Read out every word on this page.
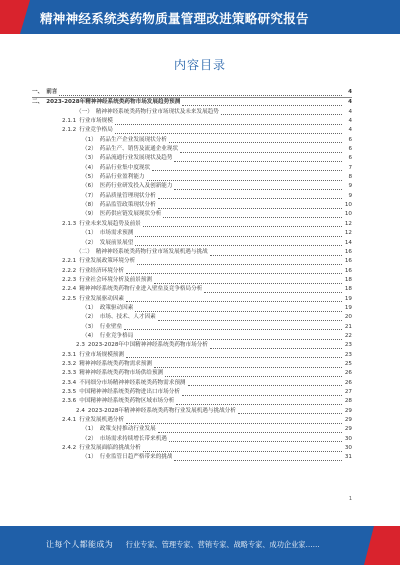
精神神经系统类药物质量管理改进策略研究报告
内容目录
一、 前言	4
二、 2023-2028年精神神经系统类药物市场发展趋势预测	4
（一） 精神神经系统类药物行业市场现状及未来发展趋势	4
2.1.1 行业市场规模	4
2.1.2 行业竞争格局	4
（1） 药品生产企业发展现状分析	6
（2） 药品生产、销售及流通企业现状	6
（3） 药品流通行业发展现状及趋势	6
（4） 药品行业集中度现状	7
（5） 药品行业盈利能力	8
（6） 医药行业研发投入及创新能力	9
（7） 药品质量管理现状分析	9
（8） 药品监管政策现状分析	10
（9） 医药供应链发展现状分析	10
2.1.3 行业未来发展趋势及前景	12
（1） 市场需求预测	12
（2） 发展前景展望	14
（二） 精神神经系统类药物行业市场发展机遇与挑战	16
2.2.1 行业发展政策环境分析	16
2.2.2 行业经济环境分析	16
2.2.3 行业社会环境分析及前景预测	18
2.2.4 精神神经系统类药物行业进入壁垒及竞争格局分析	18
2.2.5 行业发展驱动因素	19
（1） 政策驱动因素	19
（2） 市场、技术、人才因素	20
（3） 行业壁垒	21
（4） 行业竞争格局	22
2.3 2023-2028年中国精神神经系统类药物市场分析	23
2.3.1 行业市场规模预测	23
2.3.2 精神神经系统类药物需求预测	25
2.3.3 精神神经系统类药物市场供给预测	26
2.3.4 不同细分市场精神神经系统类药物需求预测	26
2.3.5 中国精神神经系统类药物进出口市场分析	27
2.3.6 中国精神神经系统类药物区域市场分析	28
2.4 2023-2028年精神神经系统类药物行业发展机遇与挑战分析	29
2.4.1 行业发展机遇分析	29
（1） 政策支持推动行业发展	29
（2） 市场需求持续增长带来机遇	30
2.4.2 行业发展面临的挑战分析	30
（1） 行业监管日趋严格带来的挑战	31
1
让每个人都能成为 行业专家、管理专家、营销专家、战略专家、成功企业家……
